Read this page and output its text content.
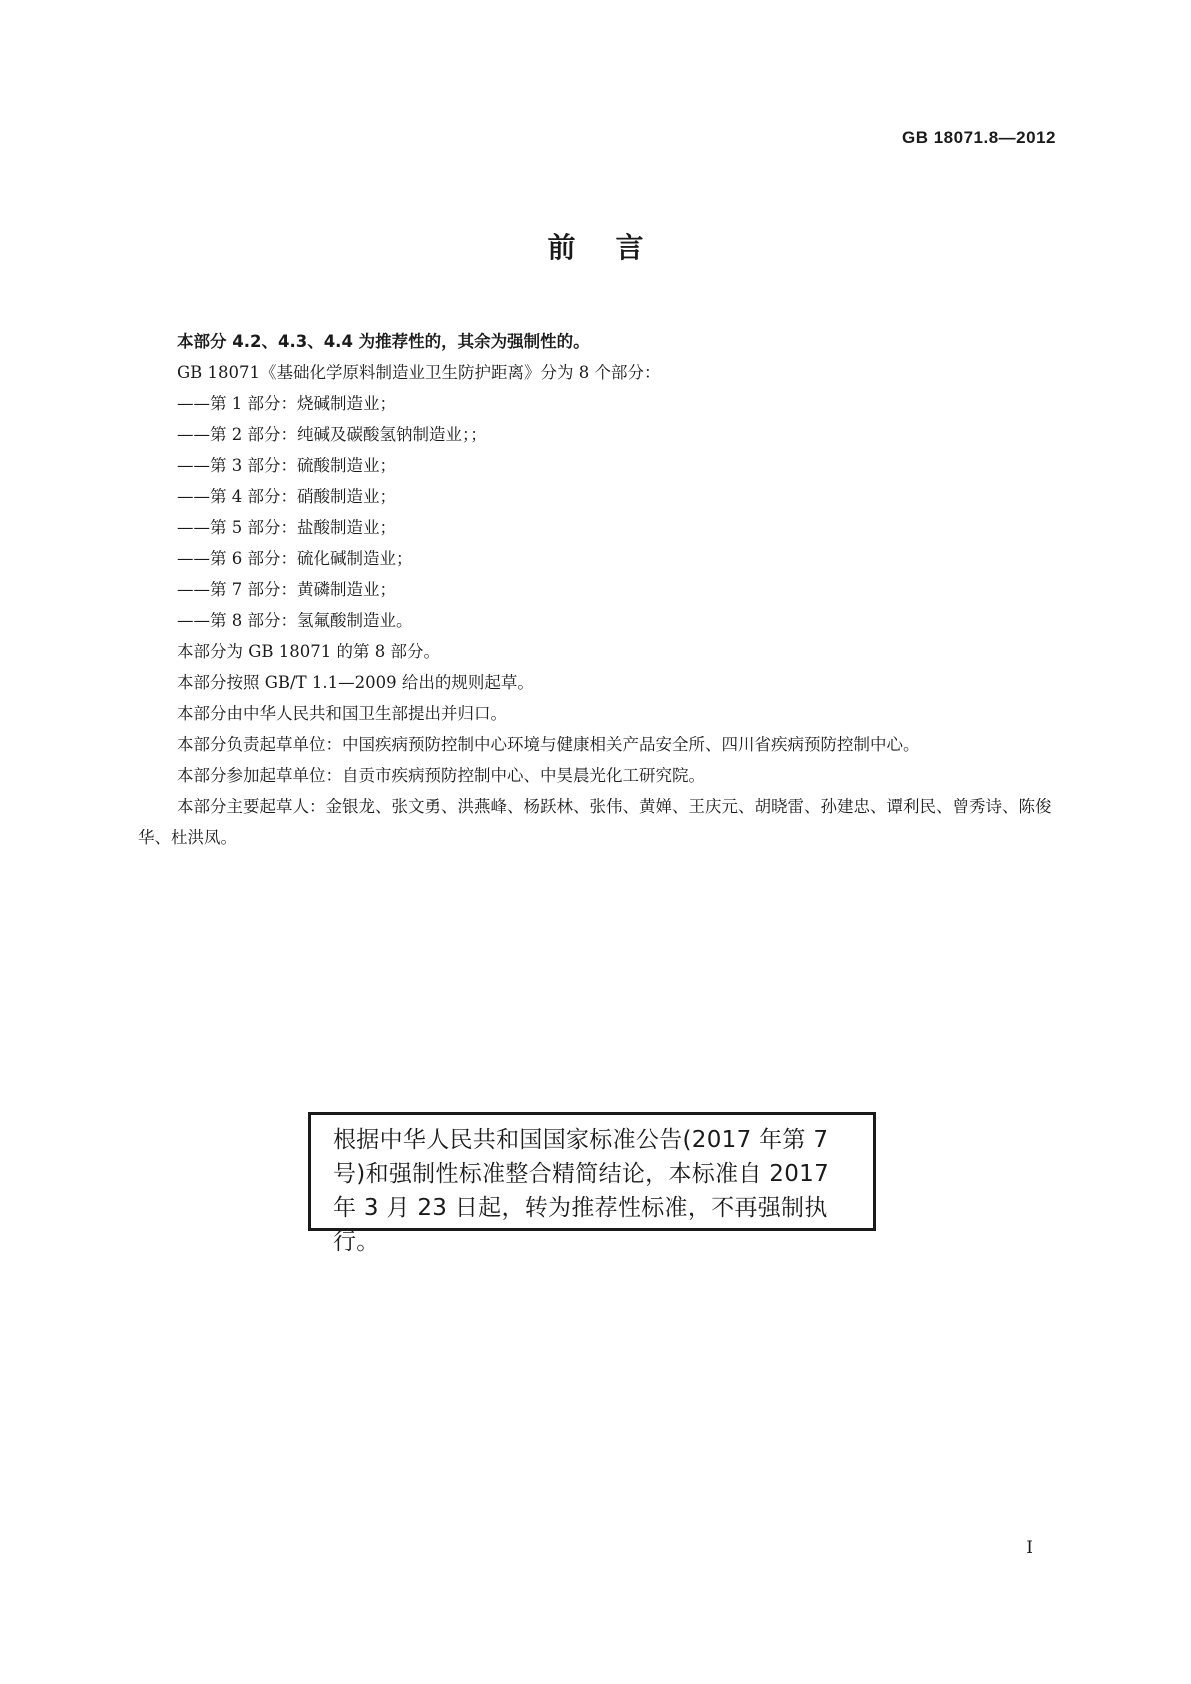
GB 18071.8—2012
前言

本部分 4.2、4.3、4.4 为推荐性的，其余为强制性的。

GB 18071《基础化学原料制造业卫生防护距离》分为 8 个部分：

——第 1 部分：烧碱制造业；

——第 2 部分：纯碱及碳酸氢钠制造业；；

——第 3 部分：硫酸制造业；

——第 4 部分：硝酸制造业；

——第 5 部分：盐酸制造业；

——第 6 部分：硫化碱制造业；

——第 7 部分：黄磷制造业；

——第 8 部分：氢氟酸制造业。

本部分为 GB 18071 的第 8 部分。

本部分按照 GB/T 1.1—2009 给出的规则起草。

本部分由中华人民共和国卫生部提出并归口。

本部分负责起草单位：中国疾病预防控制中心环境与健康相关产品安全所、四川省疾病预防控制中心。

本部分参加起草单位：自贡市疾病预防控制中心、中昊晨光化工研究院。

本部分主要起草人：金银龙、张文勇、洪燕峰、杨跃林、张伟、黄婵、王庆元、胡晓雷、孙建忠、谭利民、曾秀诗、陈俊华、杜洪凤。

根据中华人民共和国国家标准公告(2017 年第 7 号)和强制性标准整合精简结论，本标准自 2017 年 3 月 23 日起，转为推荐性标准，不再强制执行。
I
